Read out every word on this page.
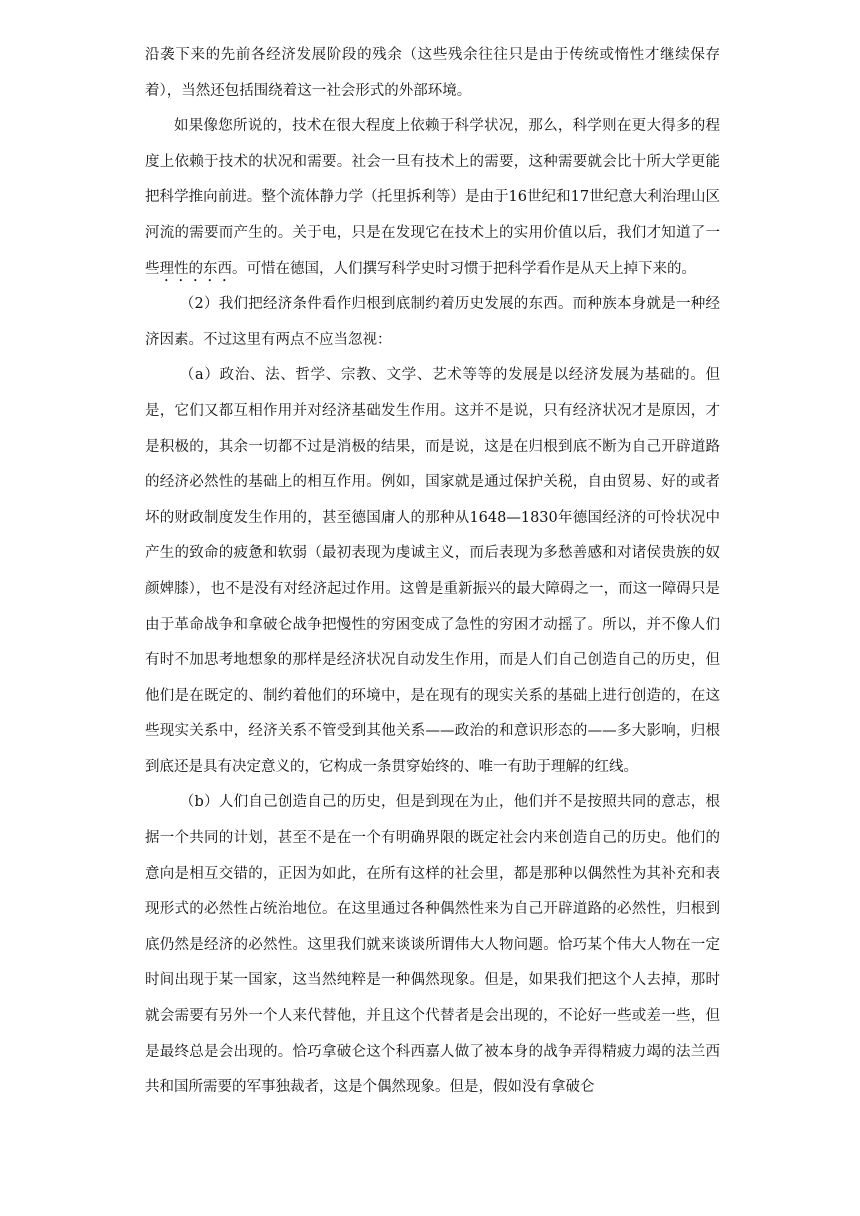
沿袭下来的先前各经济发展阶段的残余（这些残余往往只是由于传统或惰性才继续保存着），当然还包括围绕着这一社会形式的外部环境。

如果像您所说的，技术在很大程度上依赖于科学状况，那么，科学则在更大得多的程度上依赖于技术的状况和需要。社会一旦有技术上的需要，这种需要就会比十所大学更能把科学推向前进。整个流体静力学（托里拆利等）是由于16世纪和17世纪意大利治理山区河流的需要而产生的。关于电，只是在发现它在技术上的实用价值以后，我们才知道了一些理性的东西。可惜在德国，人们撰写科学史时习惯于把科学看作是从天上掉下来的。

（2）我们把经济条件看作归根到底制约着历史发展的东西。而种族本身就是一种经济因素。不过这里有两点不应当忽视：

（a）政治、法、哲学、宗教、文学、艺术等等的发展是以经济发展为基础的。但是，它们又都互相作用并对经济基础发生作用。这并不是说，只有经济状况才是原因，才是积极的，其余一切都不过是消极的结果，而是说，这是在归根到底不断为自己开辟道路的经济必然性的基础上的相互作用。例如，国家就是通过保护关税，自由贸易、好的或者坏的财政制度发生作用的，甚至德国庸人的那种从1648—1830年德国经济的可怜状况中产生的致命的疲惫和软弱（最初表现为虔诚主义，而后表现为多愁善感和对诸侯贵族的奴颜婢膝），也不是没有对经济起过作用。这曾是重新振兴的最大障碍之一，而这一障碍只是由于革命战争和拿破仑战争把慢性的穷困变成了急性的穷困才动摇了。所以，并不像人们有时不加思考地想象的那样是经济状况自动发生作用，而是人们自己创造自己的历史，但他们是在既定的、制约着他们的环境中，是在现有的现实关系的基础上进行创造的，在这些现实关系中，经济关系不管受到其他关系——政治的和意识形态的——多大影响，归根到底还是具有决定意义的，它构成一条贯穿始终的、唯一有助于理解的红线。

（b）人们自己创造自己的历史，但是到现在为止，他们并不是按照共同的意志，根据一个共同的计划，甚至不是在一个有明确界限的既定社会内来创造自己的历史。他们的意向是相互交错的，正因为如此，在所有这样的社会里，都是那种以偶然性为其补充和表现形式的必然性占统治地位。在这里通过各种偶然性来为自己开辟道路的必然性，归根到底仍然是经济的必然性。这里我们就来谈谈所谓伟大人物问题。恰巧某个伟大人物在一定时间出现于某一国家，这当然纯粹是一种偶然现象。但是，如果我们把这个人去掉，那时就会需要有另外一个人来代替他，并且这个代替者是会出现的，不论好一些或差一些，但是最终总是会出现的。恰巧拿破仑这个科西嘉人做了被本身的战争弄得精疲力竭的法兰西共和国所需要的军事独裁者，这是个偶然现象。但是，假如没有拿破仑
